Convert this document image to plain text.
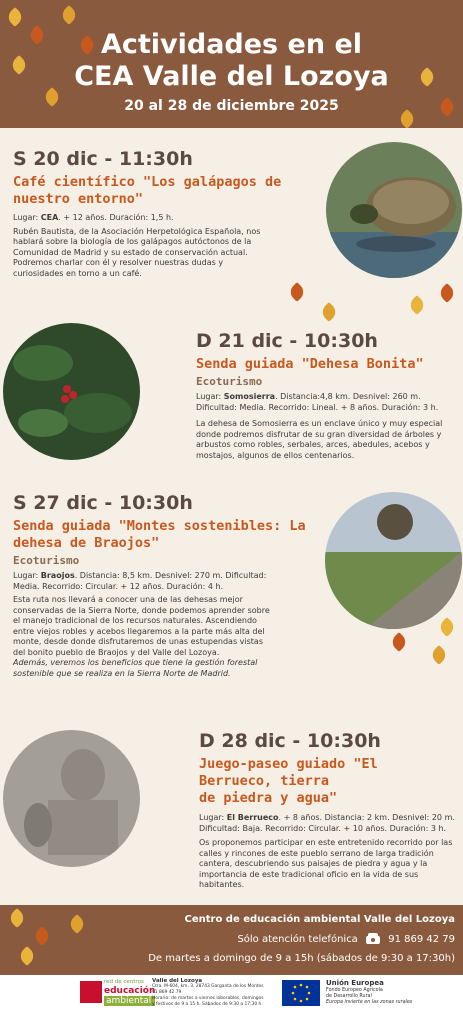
Actividades en el
CEA Valle del Lozoya
20 al 28 de diciembre 2025
S 20 dic - 11:30h
Café científico "Los galápagos de
nuestro entorno"
Lugar: CEA. + 12 años. Duración: 1,5 h.
Rubén Bautista, de la Asociación Herpetológica Española, nos
hablará sobre la biología de los galápagos autóctonos de la
Comunidad de Madrid y su estado de conservación actual.
Podremos charlar con él y resolver nuestras dudas y
curiosidades en torno a un café.
D 21 dic - 10:30h
Senda guiada "Dehesa Bonita"
Ecoturismo
Lugar: Somosierra. Distancia:4,8 km. Desnivel: 260 m.
Dificultad: Media. Recorrido: Lineal. + 8 años. Duración: 3 h.
La dehesa de Somosierra es un enclave único y muy especial
donde podremos disfrutar de su gran diversidad de árboles y
arbustos como robles, serbales, arces, abedules, acebos y
mostajos, algunos de ellos centenarios.
S 27 dic - 10:30h
Senda guiada "Montes sostenibles: La
dehesa de Braojos"
Ecoturismo
Lugar: Braojos. Distancia: 8,5 km. Desnivel: 270 m. Dificultad:
Media. Recorrido: Circular. + 12 años. Duración: 4 h.
Esta ruta nos llevará a conocer una de las dehesas mejor
conservadas de la Sierra Norte, donde podemos aprender sobre
el manejo tradicional de los recursos naturales. Ascendiendo
entre viejos robles y acebos llegaremos a la parte más alta del
monte, desde donde disfrutaremos de unas estupendas vistas
del bonito pueblo de Braojos y del Valle del Lozoya.
Además, veremos los beneficios que tiene la gestión forestal
sostenible que se realiza en la Sierra Norte de Madrid.
D 28 dic - 10:30h
Juego-paseo guiado "El Berrueco, tierra
de piedra y agua"
Lugar: El Berrueco. + 8 años. Distancia: 2 km. Desnivel: 20 m.
Dificultad: Baja. Recorrido: Circular. + 10 años. Duración: 3 h.
Os proponemos participar en este entretenido recorrido por las
calles y rincones de este pueblo serrano de larga tradición
cantera, descubriendo sus paisajes de piedra y agua y la
importancia de este tradicional oficio en la vida de sus
habitantes.
Centro de educación ambiental Valle del Lozoya
Sólo atención telefónica	91 869 42 79
De martes a domingo de 9 a 15h (sábados de 9:30 a 17:30h)
red de centros
educación
ambiental
Valle del Lozoya
Ctra. M-604, km. 3. 28743 Garganta de los Montes
91 869 42 79
Horario: de martes a viernes laborables, domingos
y festivos de 9 a 15 h. Sábados de 9:30 a 17:30 h.
Unión Europea
Fondo Europeo Agrícola
de Desarrollo Rural
Europa invierte en las zonas rurales
